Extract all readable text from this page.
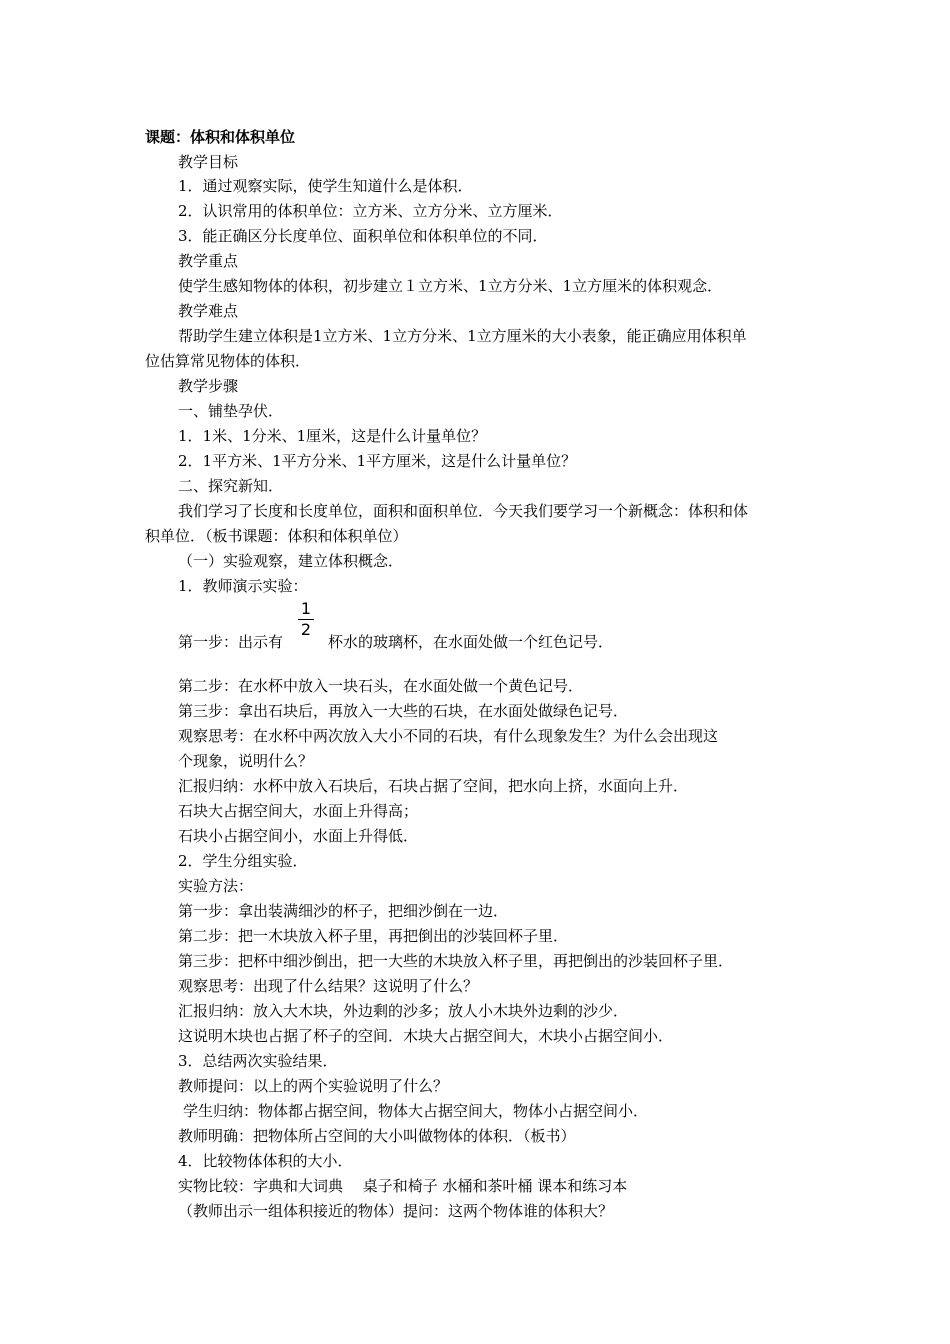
课题：体积和体积单位
教学目标
1．通过观察实际，使学生知道什么是体积．
2．认识常用的体积单位：立方米、立方分米、立方厘米．
3．能正确区分长度单位、面积单位和体积单位的不同．
教学重点
使学生感知物体的体积，初步建立１立方米、1立方分米、1立方厘米的体积观念．
教学难点
帮助学生建立体积是1立方米、1立方分米、1立方厘米的大小表象，能正确应用体积单
位估算常见物体的体积．
教学步骤
一、铺垫孕伏．
1．1米、1分米、1厘米，这是什么计量单位？
2．1平方米、1平方分米、1平方厘米，这是什么计量单位？
二、探究新知．
我们学习了长度和长度单位，面积和面积单位．今天我们要学习一个新概念：体积和体
积单位．（板书课题：体积和体积单位）
（一）实验观察，建立体积概念．
1．教师演示实验：
第一步：出示有
1
2
杯水的玻璃杯，在水面处做一个红色记号．
第二步：在水杯中放入一块石头，在水面处做一个黄色记号．
第三步：拿出石块后，再放入一大些的石块，在水面处做绿色记号．
观察思考：在水杯中两次放入大小不同的石块，有什么现象发生？为什么会出现这
个现象，说明什么？
汇报归纳：水杯中放入石块后，石块占据了空间，把水向上挤，水面向上升．
石块大占据空间大，水面上升得高；
石块小占据空间小，水面上升得低．
2．学生分组实验．
实验方法：
第一步：拿出装满细沙的杯子，把细沙倒在一边．
第二步：把一木块放入杯子里，再把倒出的沙装回杯子里．
第三步：把杯中细沙倒出，把一大些的木块放入杯子里，再把倒出的沙装回杯子里．
观察思考：出现了什么结果？这说明了什么？
汇报归纳：放入大木块，外边剩的沙多；放人小木块外边剩的沙少．
这说明木块也占据了杯子的空间．木块大占据空间大，木块小占据空间小．
3．总结两次实验结果．
教师提问：以上的两个实验说明了什么？
学生归纳：物体都占据空间，物体大占据空间大，物体小占据空间小．
教师明确：把物体所占空间的大小叫做物体的体积．（板书）
4．比较物体体积的大小．
实物比较：字典和大词典　 桌子和椅子 水桶和茶叶桶 课本和练习本
（教师出示一组体积接近的物体）提问：这两个物体谁的体积大？
